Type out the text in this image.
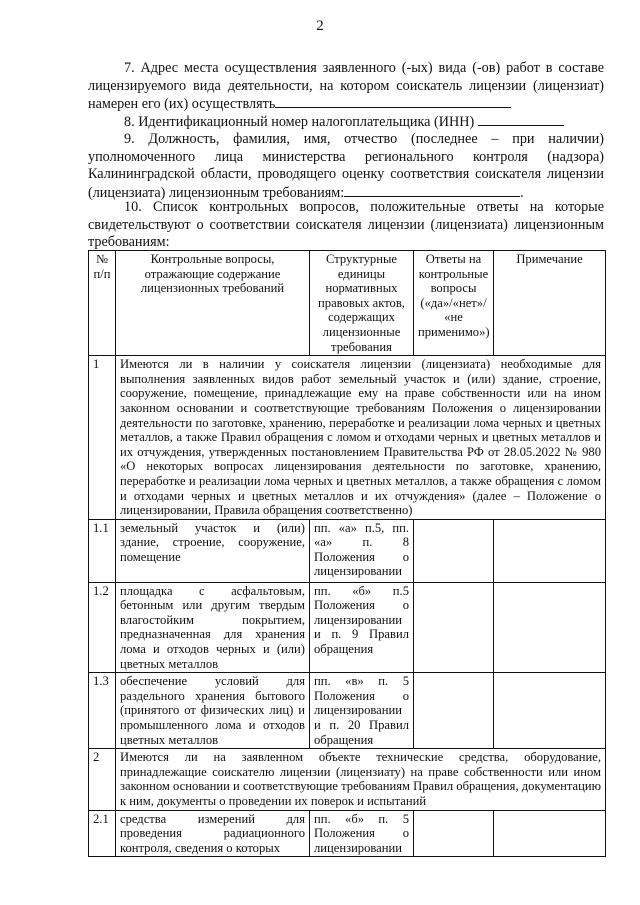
2
7. Адрес места осуществления заявленного (-ых) вида (-ов) работ в составе лицензируемого вида деятельности, на котором соискатель лицензии (лицензиат) намерен его (их) осуществлять
8. Идентификационный номер налогоплательщика (ИНН)
9. Должность, фамилия, имя, отчество (последнее – при наличии) уполномоченного лица министерства регионального контроля (надзора) Калининградской области, проводящего оценку соответствия соискателя лицензии (лицензиата) лицензионным требованиям:	.
10. Список контрольных вопросов, положительные ответы на которые свидетельствуют о соответствии соискателя лицензии (лицензиата) лицензионным требованиям:
№ п/п	Контрольные вопросы, отражающие содержание лицензионных требований	Структурные единицы нормативных правовых актов, содержащих лицензионные требования	Ответы на контрольные вопросы («да»/«нет»/ «не применимо»)	Примечание
1	Имеются ли в наличии у соискателя лицензии (лицензиата) необходимые для выполнения заявленных видов работ земельный участок и (или) здание, строение, сооружение, помещение, принадлежащие ему на праве собственности или на ином законном основании и соответствующие требованиям Положения о лицензировании деятельности по заготовке, хранению, переработке и реализации лома черных и цветных металлов, а также Правил обращения с ломом и отходами черных и цветных металлов и их отчуждения, утвержденных постановлением Правительства РФ от 28.05.2022 № 980 «О некоторых вопросах лицензирования деятельности по заготовке, хранению, переработке и реализации лома черных и цветных металлов, а также обращения с ломом и отходами черных и цветных металлов и их отчуждения» (далее – Положение о лицензировании, Правила обращения соответственно)			
1.1	земельный участок и (или) здание, строение, сооружение, помещение	пп. «а» п.5, пп. «а» п. 8 Положения о лицензировании		
1.2	площадка с асфальтовым, бетонным или другим твердым влагостойким покрытием, предназначенная для хранения лома и отходов черных и (или) цветных металлов	пп. «б» п.5 Положения о лицензировании и п. 9 Правил обращения		
1.3	обеспечение условий для раздельного хранения бытового (принятого от физических лиц) и промышленного лома и отходов цветных металлов	пп. «в» п. 5 Положения о лицензировании и п. 20 Правил обращения		
2	Имеются ли на заявленном объекте технические средства, оборудование, принадлежащие соискателю лицензии (лицензиату) на праве собственности или ином законном основании и соответствующие требованиям Правил обращения, документацию к ним, документы о проведении их поверок и испытаний			
2.1	средства измерений для проведения радиационного контроля, сведения о которых	пп. «б» п. 5 Положения о лицензировании		
